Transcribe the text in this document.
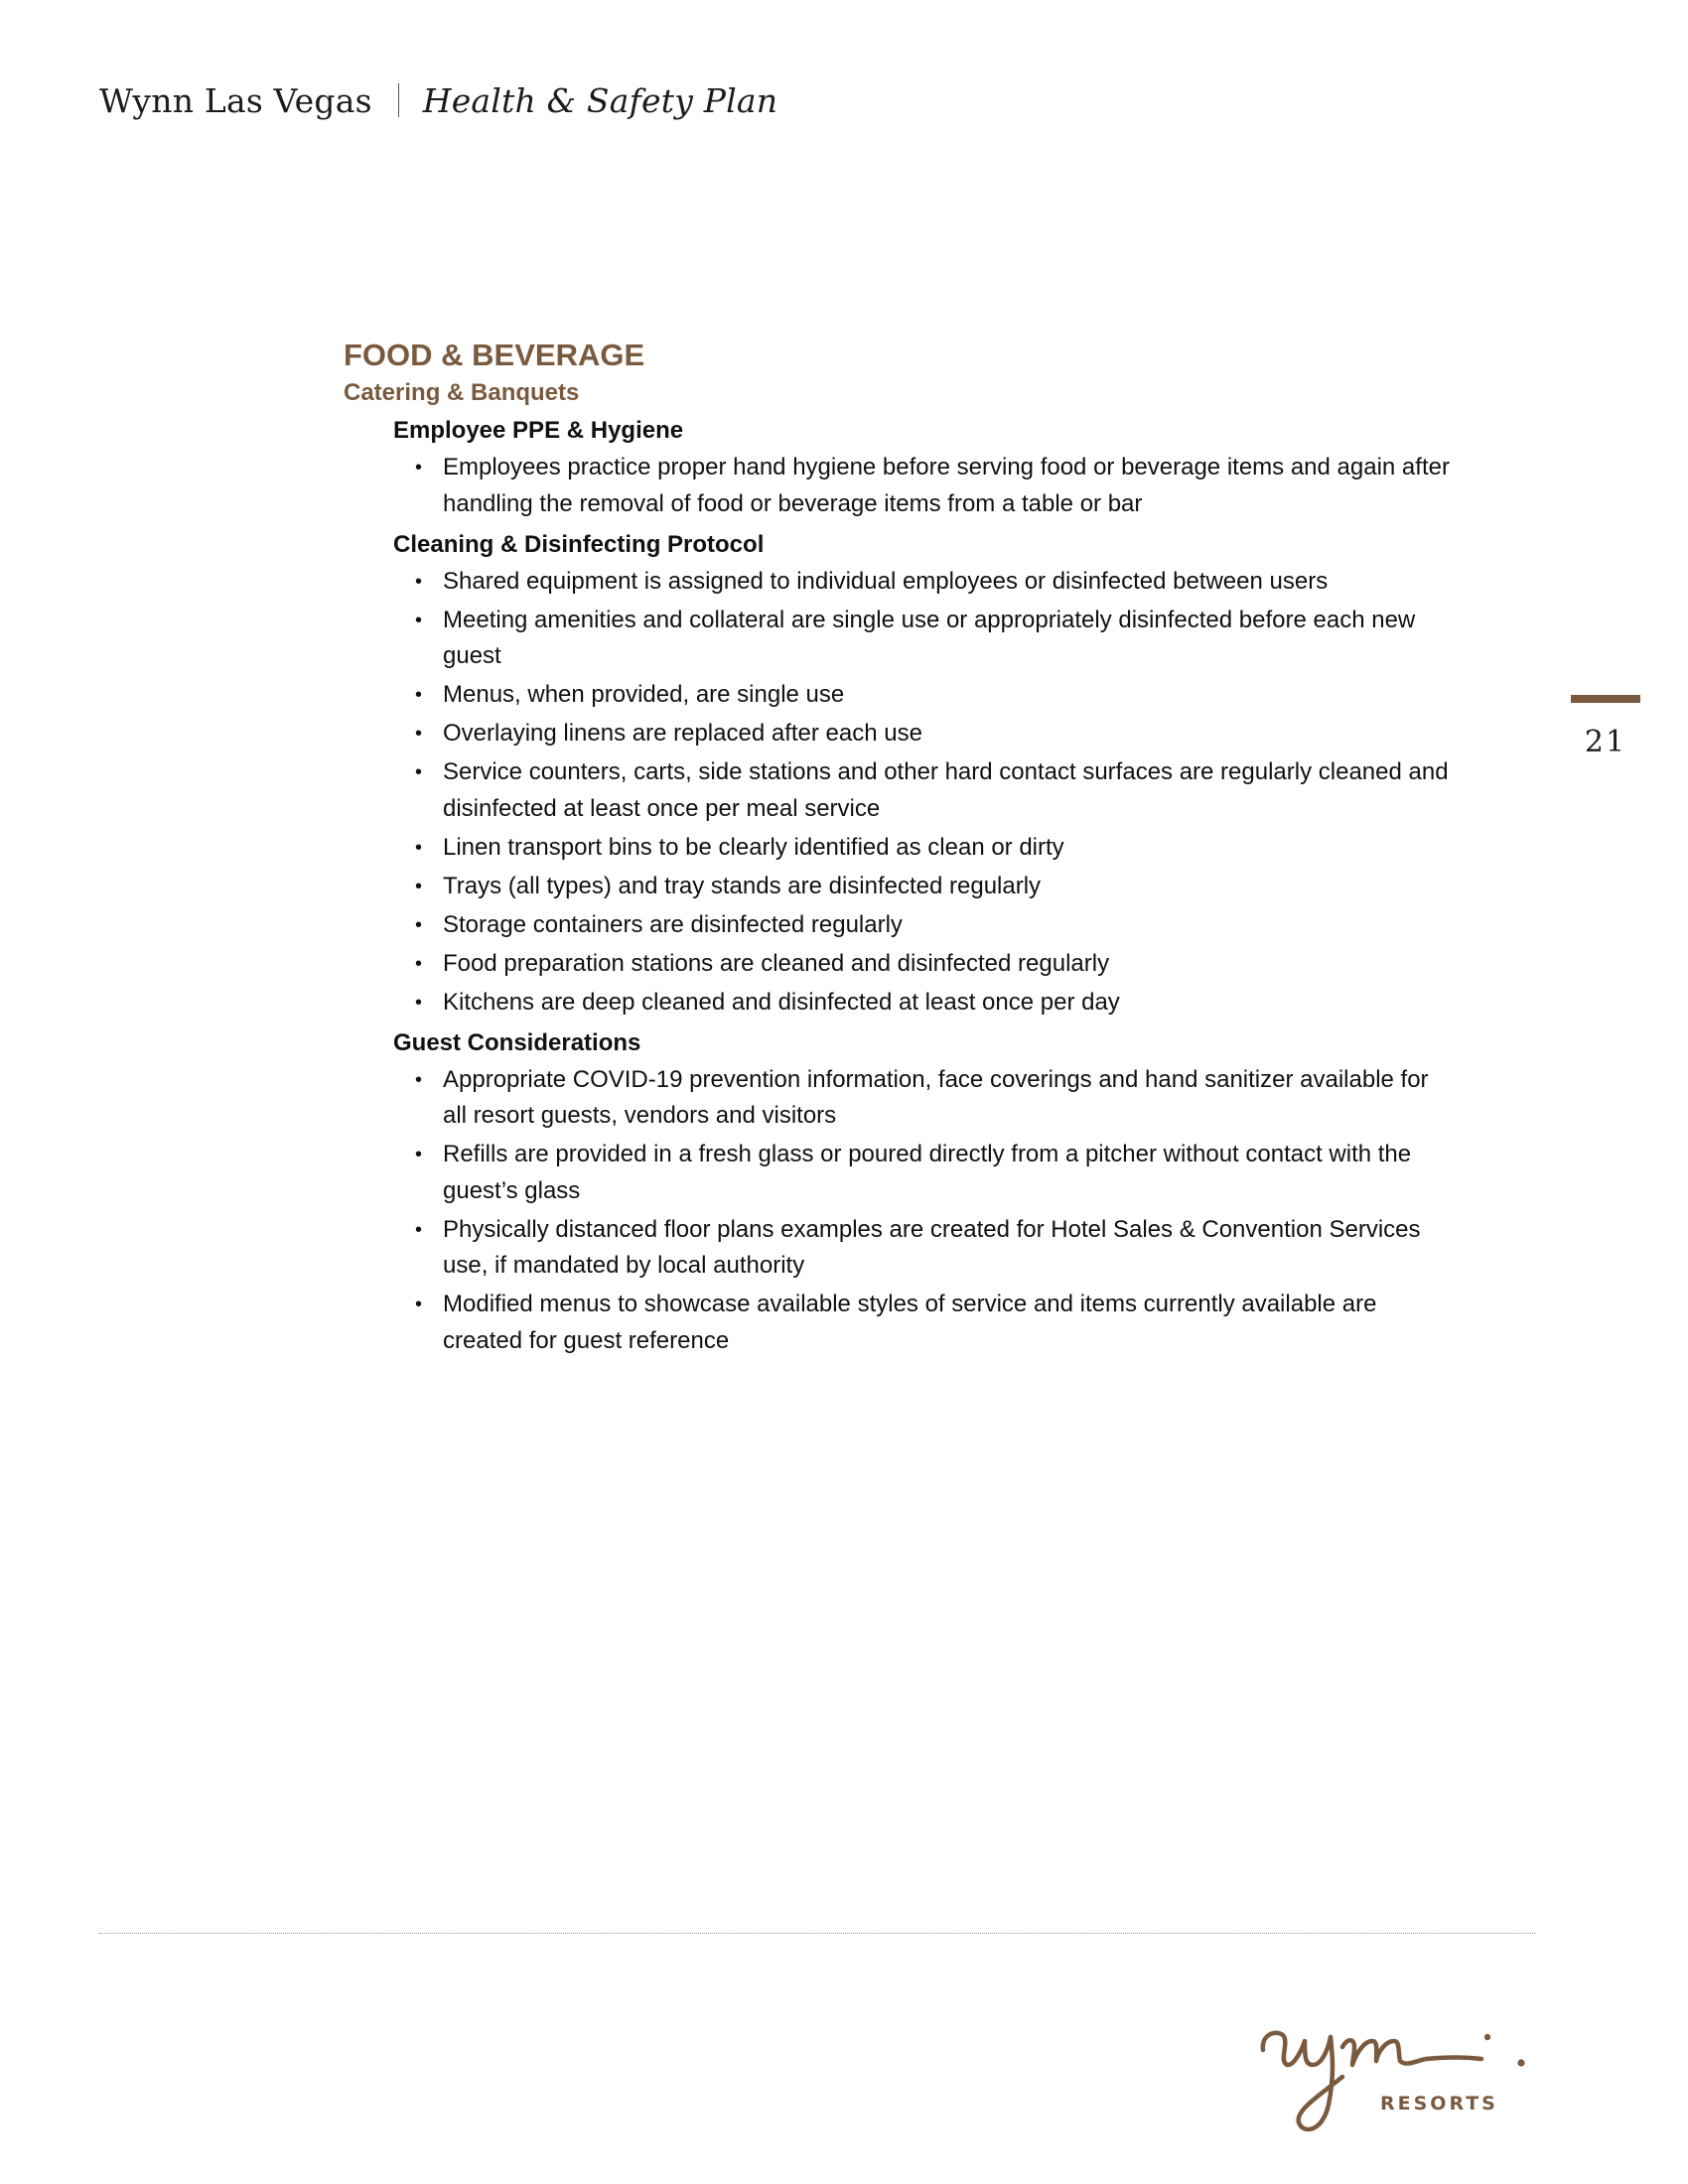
Wynn Las Vegas Health & Safety Plan
FOOD & BEVERAGE
Catering & Banquets
Employee PPE & Hygiene
• Employees practice proper hand hygiene before serving food or beverage items and again after handling the removal of food or beverage items from a table or bar
Cleaning & Disinfecting Protocol
• Shared equipment is assigned to individual employees or disinfected between users
• Meeting amenities and collateral are single use or appropriately disinfected before each new guest
• Menus, when provided, are single use
• Overlaying linens are replaced after each use
• Service counters, carts, side stations and other hard contact surfaces are regularly cleaned and disinfected at least once per meal service
• Linen transport bins to be clearly identified as clean or dirty
• Trays (all types) and tray stands are disinfected regularly
• Storage containers are disinfected regularly
• Food preparation stations are cleaned and disinfected regularly
• Kitchens are deep cleaned and disinfected at least once per day
Guest Considerations
• Appropriate COVID-19 prevention information, face coverings and hand sanitizer available for all resort guests, vendors and visitors
• Refills are provided in a fresh glass or poured directly from a pitcher without contact with the guest’s glass
• Physically distanced floor plans examples are created for Hotel Sales & Convention Services use, if mandated by local authority
• Modified menus to showcase available styles of service and items currently available are created for guest reference
21
RESORTS
